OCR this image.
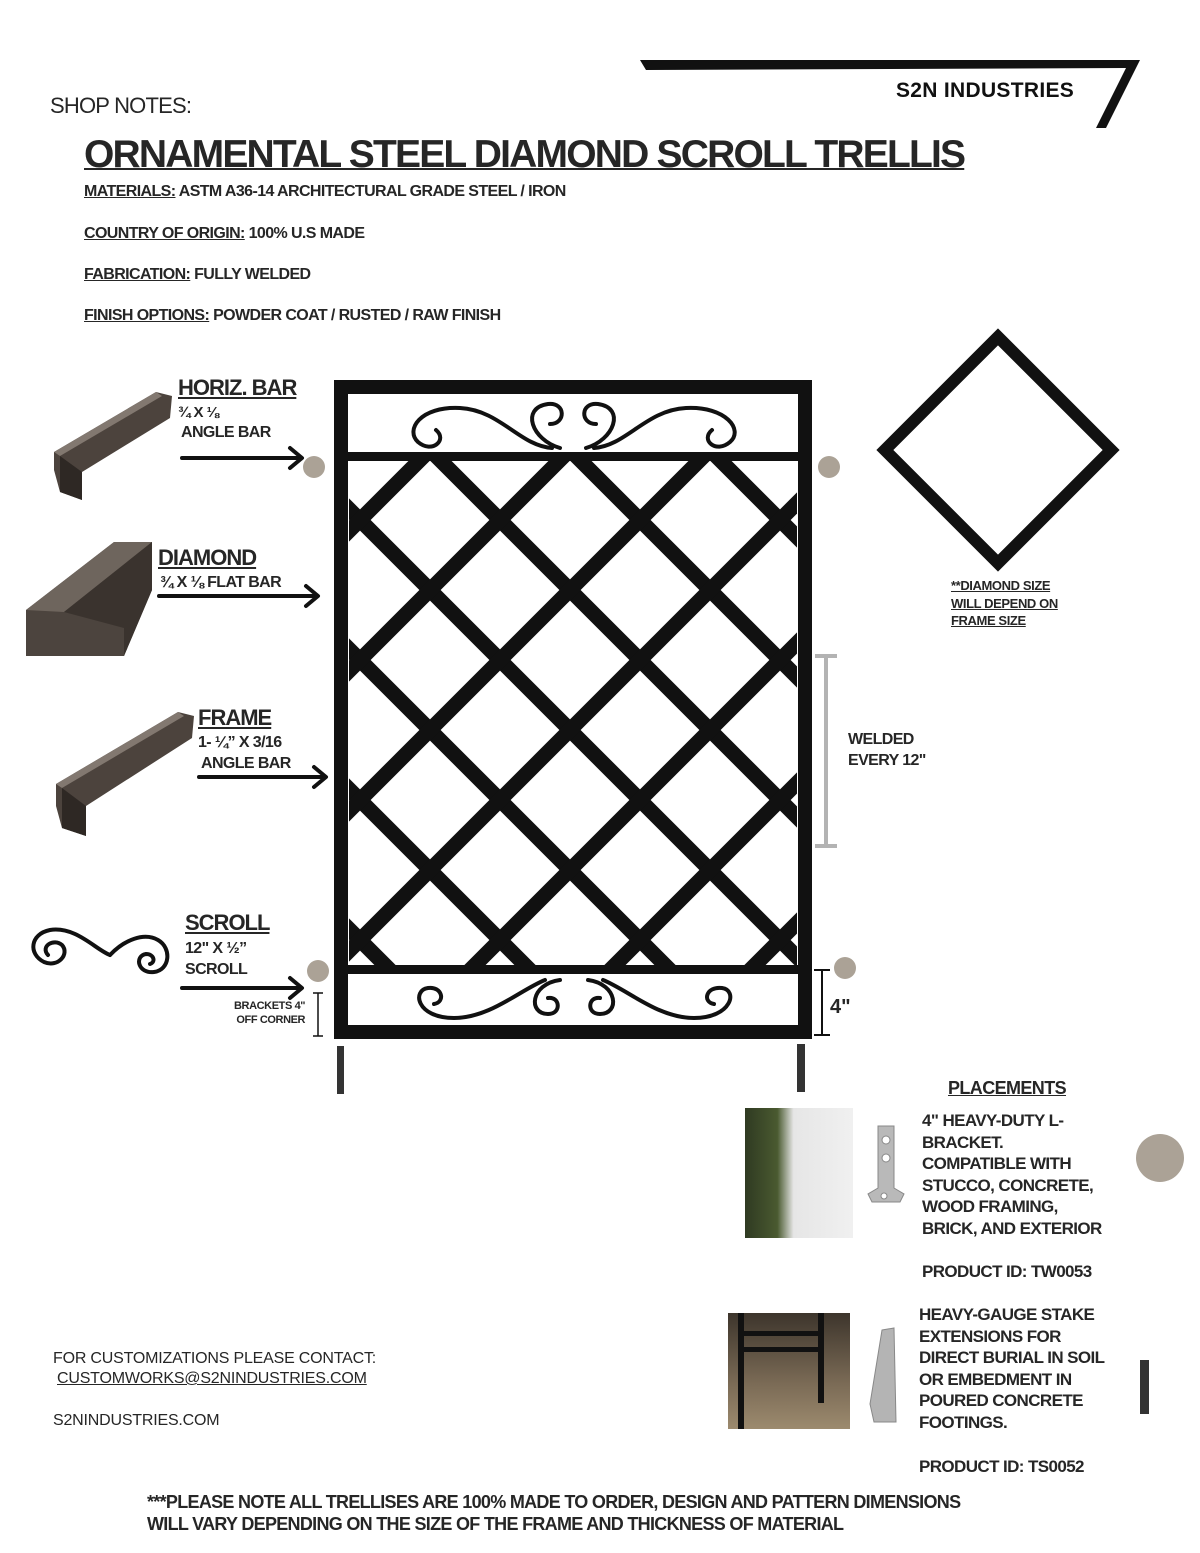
S2N INDUSTRIES
SHOP NOTES:
ORNAMENTAL STEEL DIAMOND SCROLL TRELLIS
MATERIALS: ASTM A36-14 ARCHITECTURAL GRADE STEEL / IRON
COUNTRY OF ORIGIN: 100% U.S MADE
FABRICATION: FULLY WELDED
FINISH OPTIONS: POWDER COAT / RUSTED / RAW FINISH
HORIZ. BAR
¾ X ⅛
ANGLE BAR
DIAMOND
¾ X ⅛ FLAT BAR
FRAME
1- ¼” X 3/16
ANGLE BAR
SCROLL
12" X ½”
SCROLL
BRACKETS 4"
OFF CORNER
WELDED
EVERY 12"
4"
**DIAMOND SIZE
WILL DEPEND ON
FRAME SIZE
PLACEMENTS
4" HEAVY-DUTY L-
BRACKET.
COMPATIBLE WITH
STUCCO, CONCRETE,
WOOD FRAMING,
BRICK, AND EXTERIOR
PRODUCT ID: TW0053
HEAVY-GAUGE STAKE
EXTENSIONS FOR
DIRECT BURIAL IN SOIL
OR EMBEDMENT IN
POURED CONCRETE
FOOTINGS.
PRODUCT ID: TS0052
FOR CUSTOMIZATIONS PLEASE CONTACT:
CUSTOMWORKS@S2NINDUSTRIES.COM
S2NINDUSTRIES.COM
***PLEASE NOTE ALL TRELLISES ARE 100% MADE TO ORDER, DESIGN AND PATTERN DIMENSIONS
WILL VARY DEPENDING ON THE SIZE OF THE FRAME AND THICKNESS OF MATERIAL
